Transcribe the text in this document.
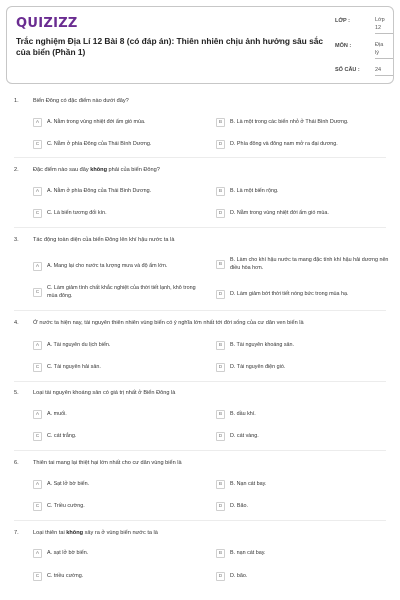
QUIZIZZ
Trắc nghiệm Địa Lí 12 Bài 8 (có đáp án): Thiên nhiên chịu ảnh hưởng sâu sắc của biển (Phần 1)
LỚP :	Lớp
12
MÔN :	Địa
lý
SỐ CÂU :	24
1.	Biển Đông có đặc điểm nào dưới đây?
A	A. Nằm trong vùng nhiệt đới ẩm gió mùa.	B	B. Là một trong các biển nhỏ ở Thái Bình Dương.
C	C. Nằm ở phía Đông của Thái Bình Dương.	D	D. Phía đông và đông nam mở ra đại dương.
2.	Đặc điểm nào sau đây không phải của biển Đông?
A	A. Nằm ở phía Đông của Thái Bình Dương.	B	B. Là một biển rộng.
C	C. Là biển tương đối kín.	D	D. Nằm trong vùng nhiệt đới ẩm gió mùa.
3.	Tác động toàn diện của biển Đông lên khí hậu nước ta là
A	A. Mang lại cho nước ta lượng mưa và độ ẩm lớn.	B
B. Làm cho khí hậu nước ta mang đặc tính khí hậu hải dương nên điều hòa hơn.
C
C. Làm giảm tính chất khắc nghiệt của thời tiết lạnh, khô trong mùa đông.	D	D. Làm giảm bớt thời tiết nóng bức trong mùa hạ.
4.	Ở nước ta hiện nay, tài nguyên thiên nhiên vùng biển có ý nghĩa lớn nhất tới đời sống của cư dân ven biển là
A	A. Tài nguyên du lịch biển.	B	B. Tài nguyên khoáng sản.
C	C. Tài nguyên hải sản.	D	D. Tài nguyên điện gió.
5.	Loại tài nguyên khoáng sản có giá trị nhất ở Biển Đông là
A	A. muối.	B	B. dầu khí.
C	C. cát trắng.	D	D. cát vàng.
6.	Thiên tai mang lại thiệt hại lớn nhất cho cư dân vùng biển là
A	A. Sạt lở bờ biển.	B	B. Nạn cát bay.
C	C. Triều cường.	D	D. Bão.
7.	Loại thiên tai không xảy ra ở vùng biển nước ta là
A	A. sạt lở bờ biển.	B	B. nạn cát bay.
C	C. triều cường.	D	D. bão.
